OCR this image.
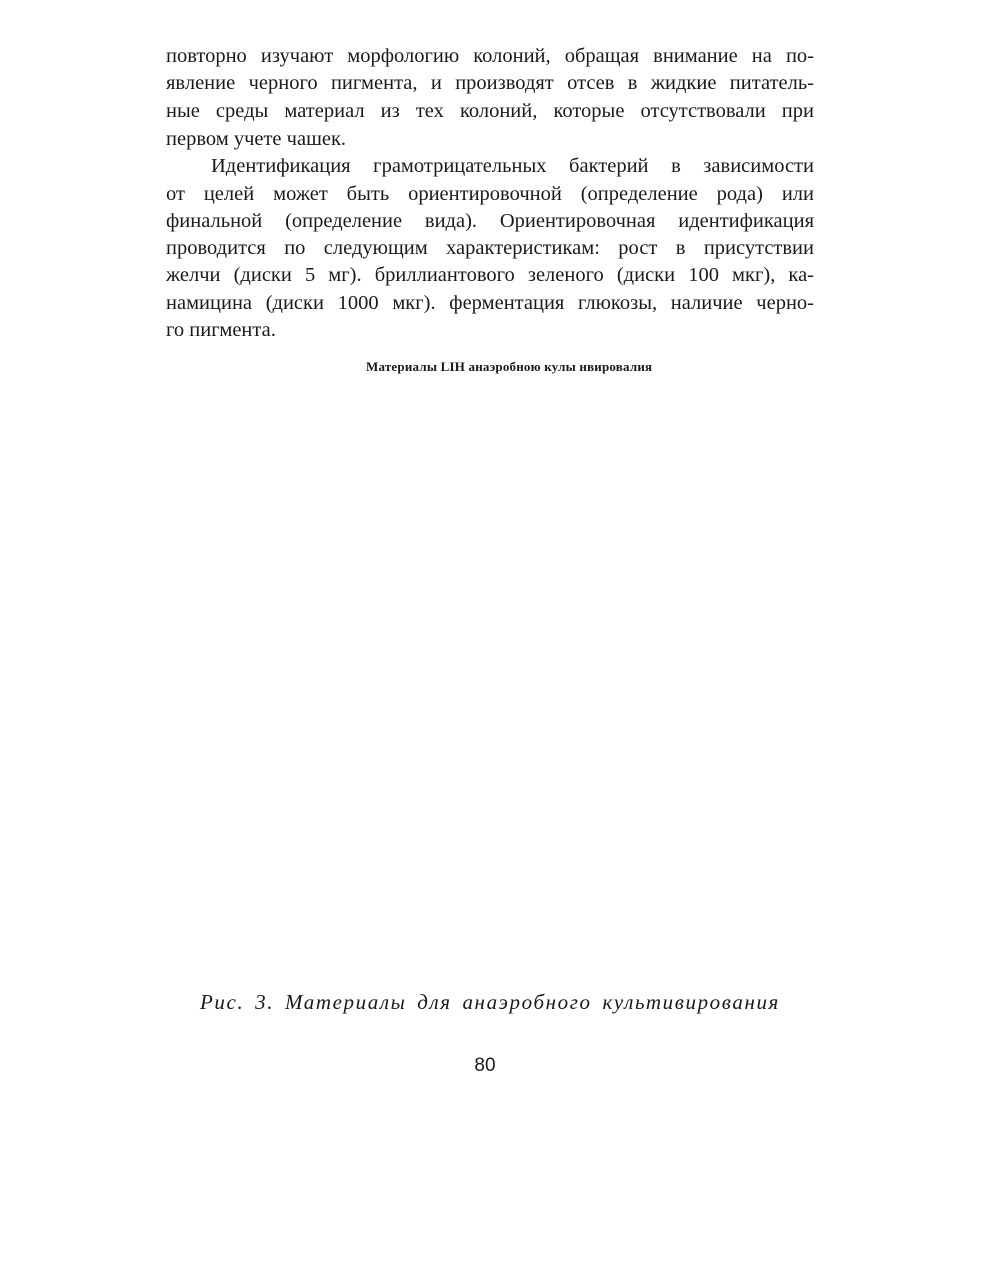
повторно изучают морфологию колоний, обращая внимание на по-
явление черного пигмента, и производят отсев в жидкие питатель-
ные среды материал из тех колоний, которые отсутствовали при
первом учете чашек.
Идентификация грамотрицательных бактерий в зависимости
от целей может быть ориентировочной (определение рода) или
финальной (определение вида). Ориентировочная идентификация
проводится по следующим характеристикам: рост в присутствии
желчи (диски 5 мг). бриллиантового зеленого (диски 100 мкг), ка-
намицина (диски 1000 мкг). ферментация глюкозы, наличие черно-
го пигмента.
Материалы LIH анаэробною кулы нвировалия
Рис. 3. Материалы для анаэробного культивирования
80
